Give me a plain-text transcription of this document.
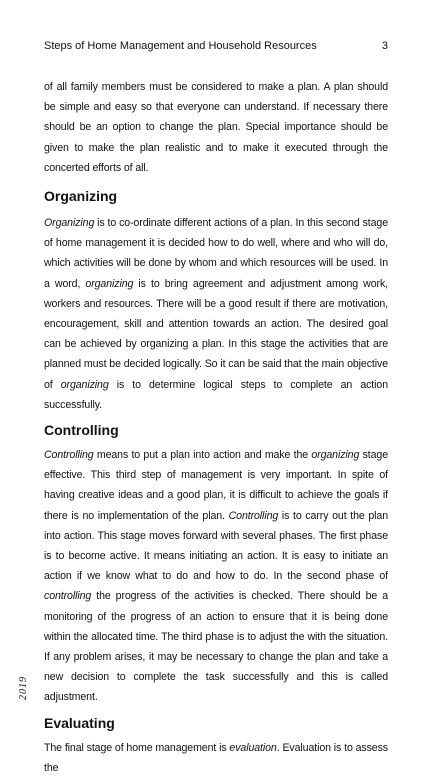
Steps of Home Management and Household Resources	3

of all family members must be considered to make a plan. A plan should be simple and easy so that everyone can understand. If necessary there should be an option to change the plan. Special importance should be given to make the plan realistic and to make it executed through the concerted efforts of all.

Organizing

Organizing is to co-ordinate different actions of a plan. In this second stage of home management it is decided how to do well, where and who will do, which activities will be done by whom and which resources will be used. In a word, organizing is to bring agreement and adjustment among work, workers and resources. There will be a good result if there are motivation, encouragement, skill and attention towards an action. The desired goal can be achieved by organizing a plan. In this stage the activities that are planned must be decided logically. So it can be said that the main objective of organizing is to determine logical steps to complete an action successfully.

Controlling

Controlling means to put a plan into action and make the organizing stage effective. This third step of management is very important. In spite of having creative ideas and a good plan, it is difficult to achieve the goals if there is no implementation of the plan. Controlling is to carry out the plan into action. This stage moves forward with several phases. The first phase is to become active. It means initiating an action. It is easy to initiate an action if we know what to do and how to do. In the second phase of controlling the progress of the activities is checked. There should be a monitoring of the progress of an action to ensure that it is being done within the allocated time. The third phase is to adjust the with the situation. If any problem arises, it may be necessary to change the plan and take a new decision to complete the task successfully and this is called adjustment.

Evaluating

The final stage of home management is evaluation. Evaluation is to assess the

2019
